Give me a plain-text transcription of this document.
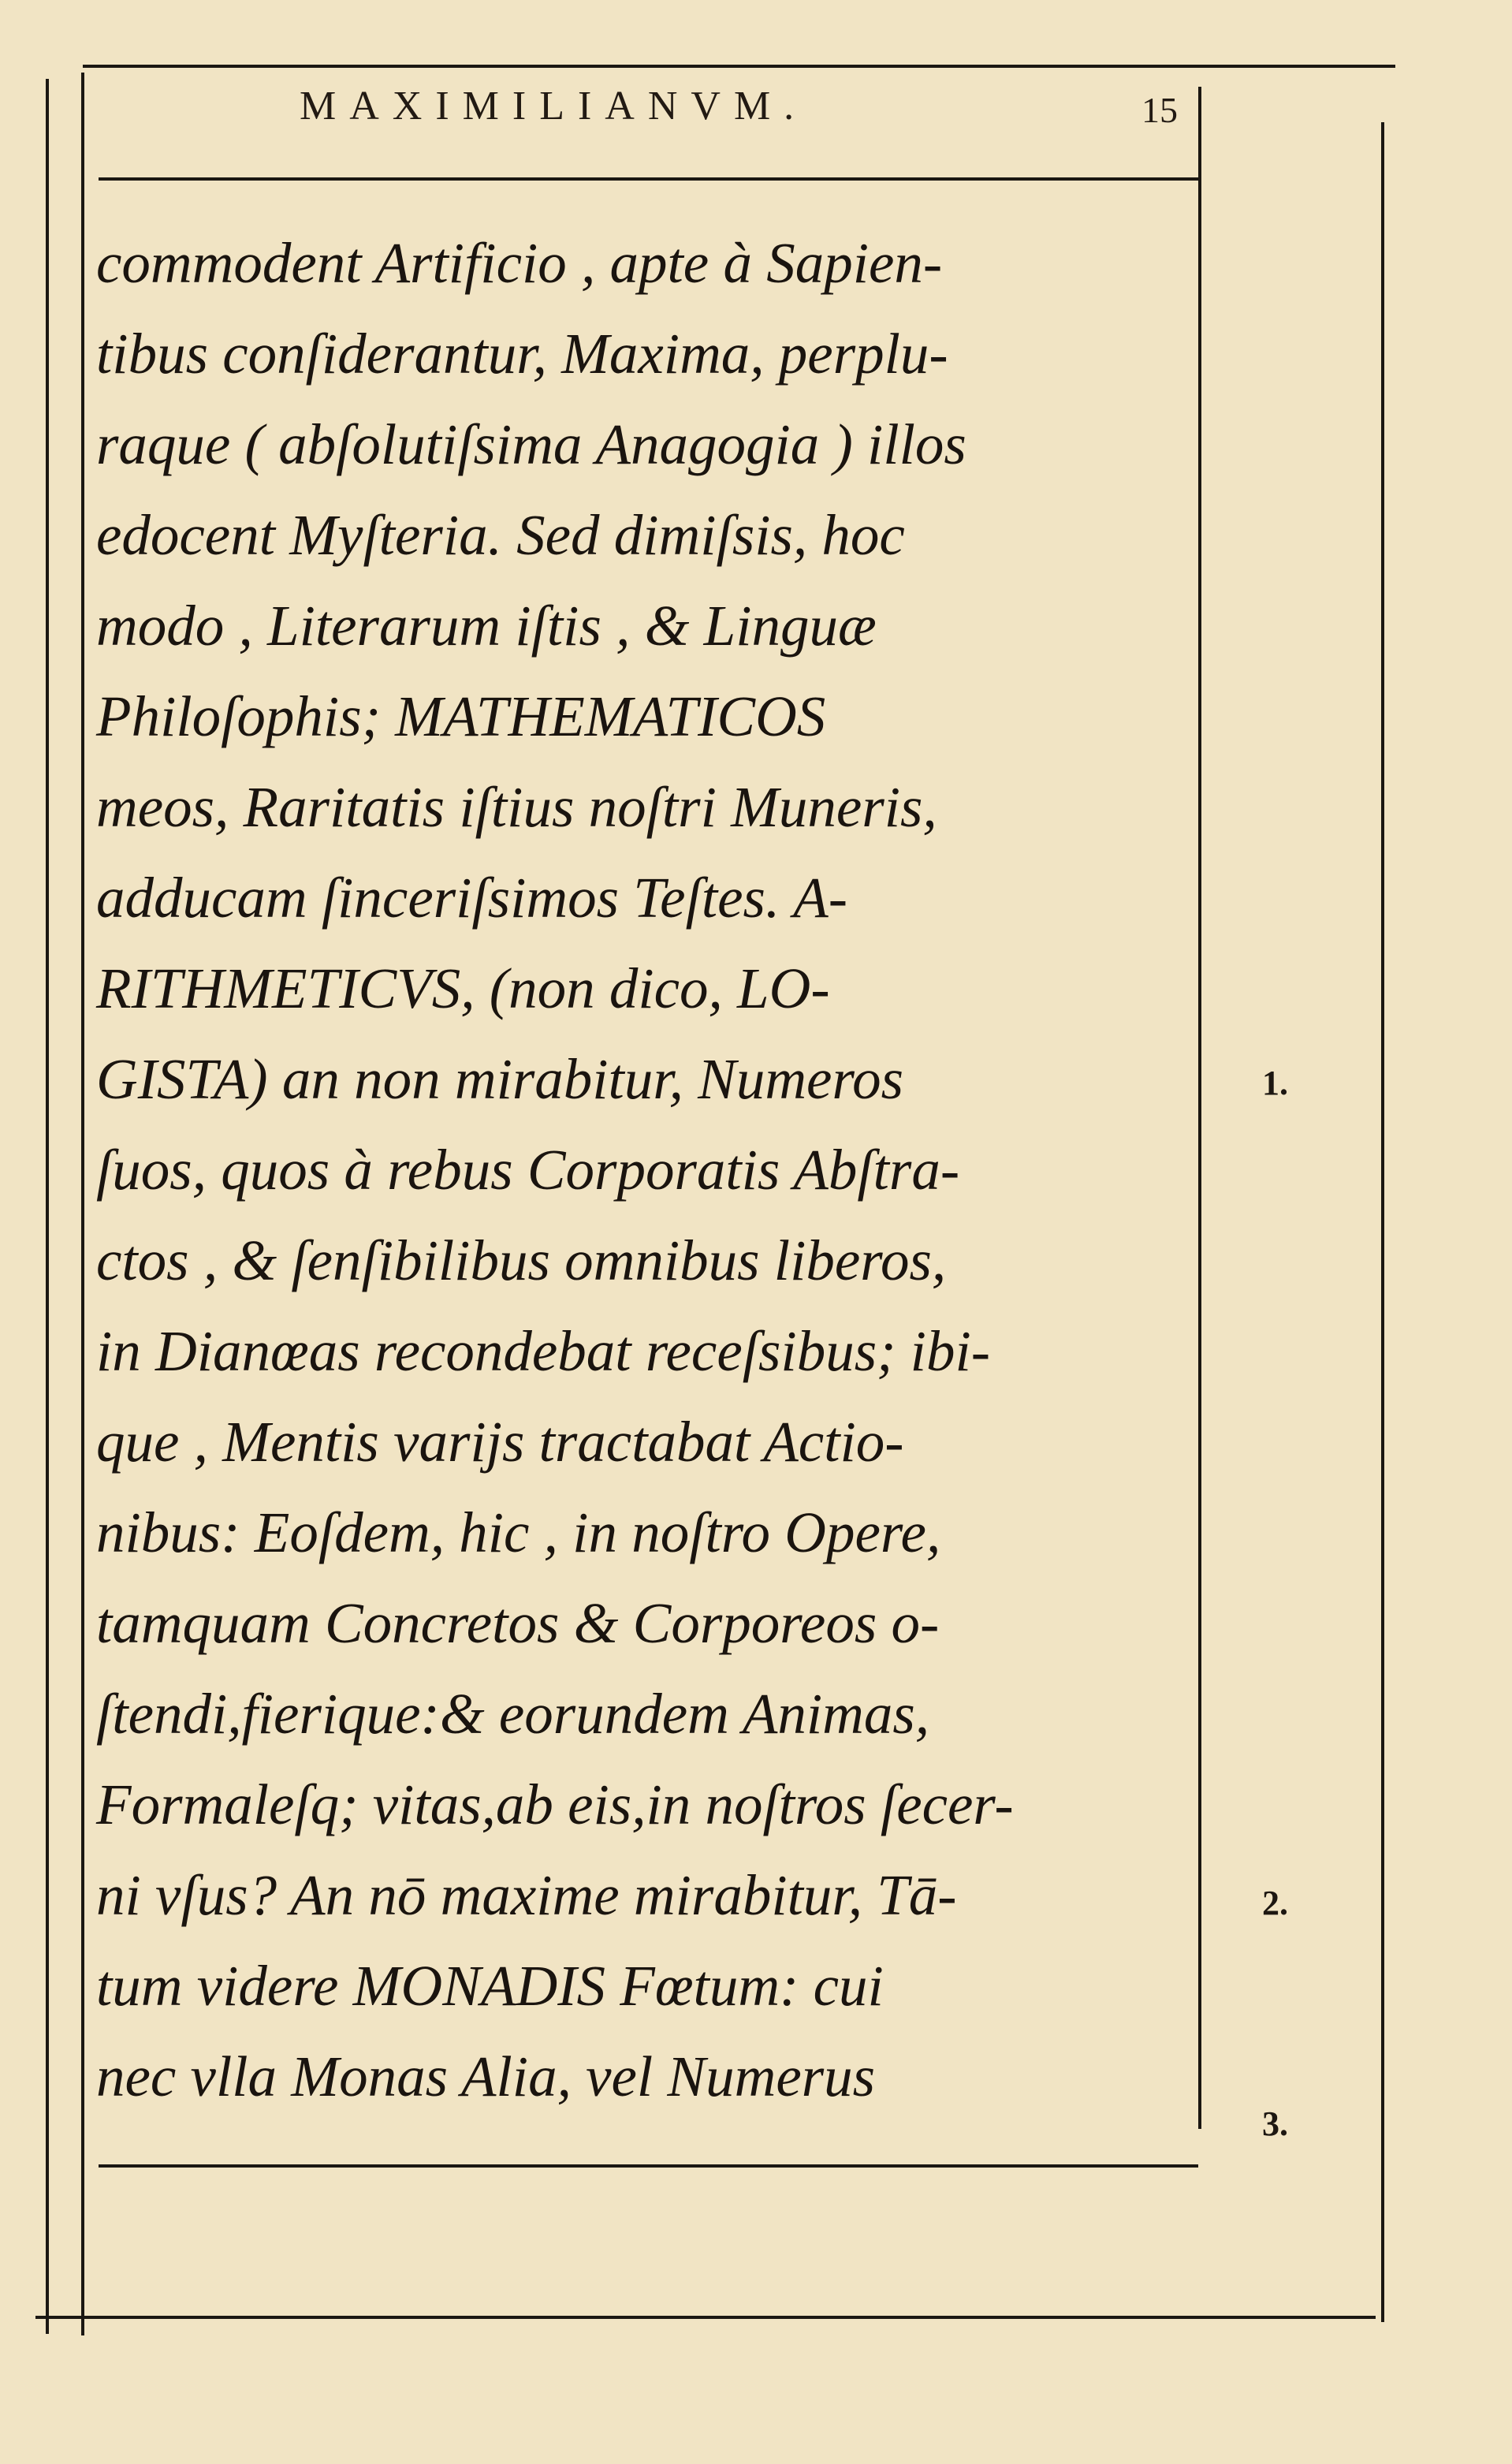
MAXIMILIANVM.	15
commodent Artificio , apte à Sapien-
tibus conſiderantur, Maxima, perplu-
raque ( abſolutiſsima Anagogia ) illos
edocent Myſteria. Sed dimiſsis, hoc
modo , Literarum iſtis , & Linguæ
Philoſophis; MATHEMATICOS
meos, Raritatis iſtius noſtri Muneris,
adducam ſinceriſsimos Teſtes. A-
RITHMETICVS, (non dico, LO-
GISTA) an non mirabitur, Numeros
ſuos, quos à rebus Corporatis Abſtra-
ctos , & ſenſibilibus omnibus liberos,
in Dianœas recondebat receſsibus; ibi-
que , Mentis varijs tractabat Actio-
nibus: Eoſdem, hic , in noſtro Opere,
tamquam Concretos & Corporeos o-
ſtendi,fierique:& eorundem Animas,
Formaleſq; vitas,ab eis,in noſtros ſecer-
ni vſus? An nō maxime mirabitur, Tā-
tum videre MONADIS Fœtum: cui
nec vlla Monas Alia, vel Numerus
1.
2.
3.
